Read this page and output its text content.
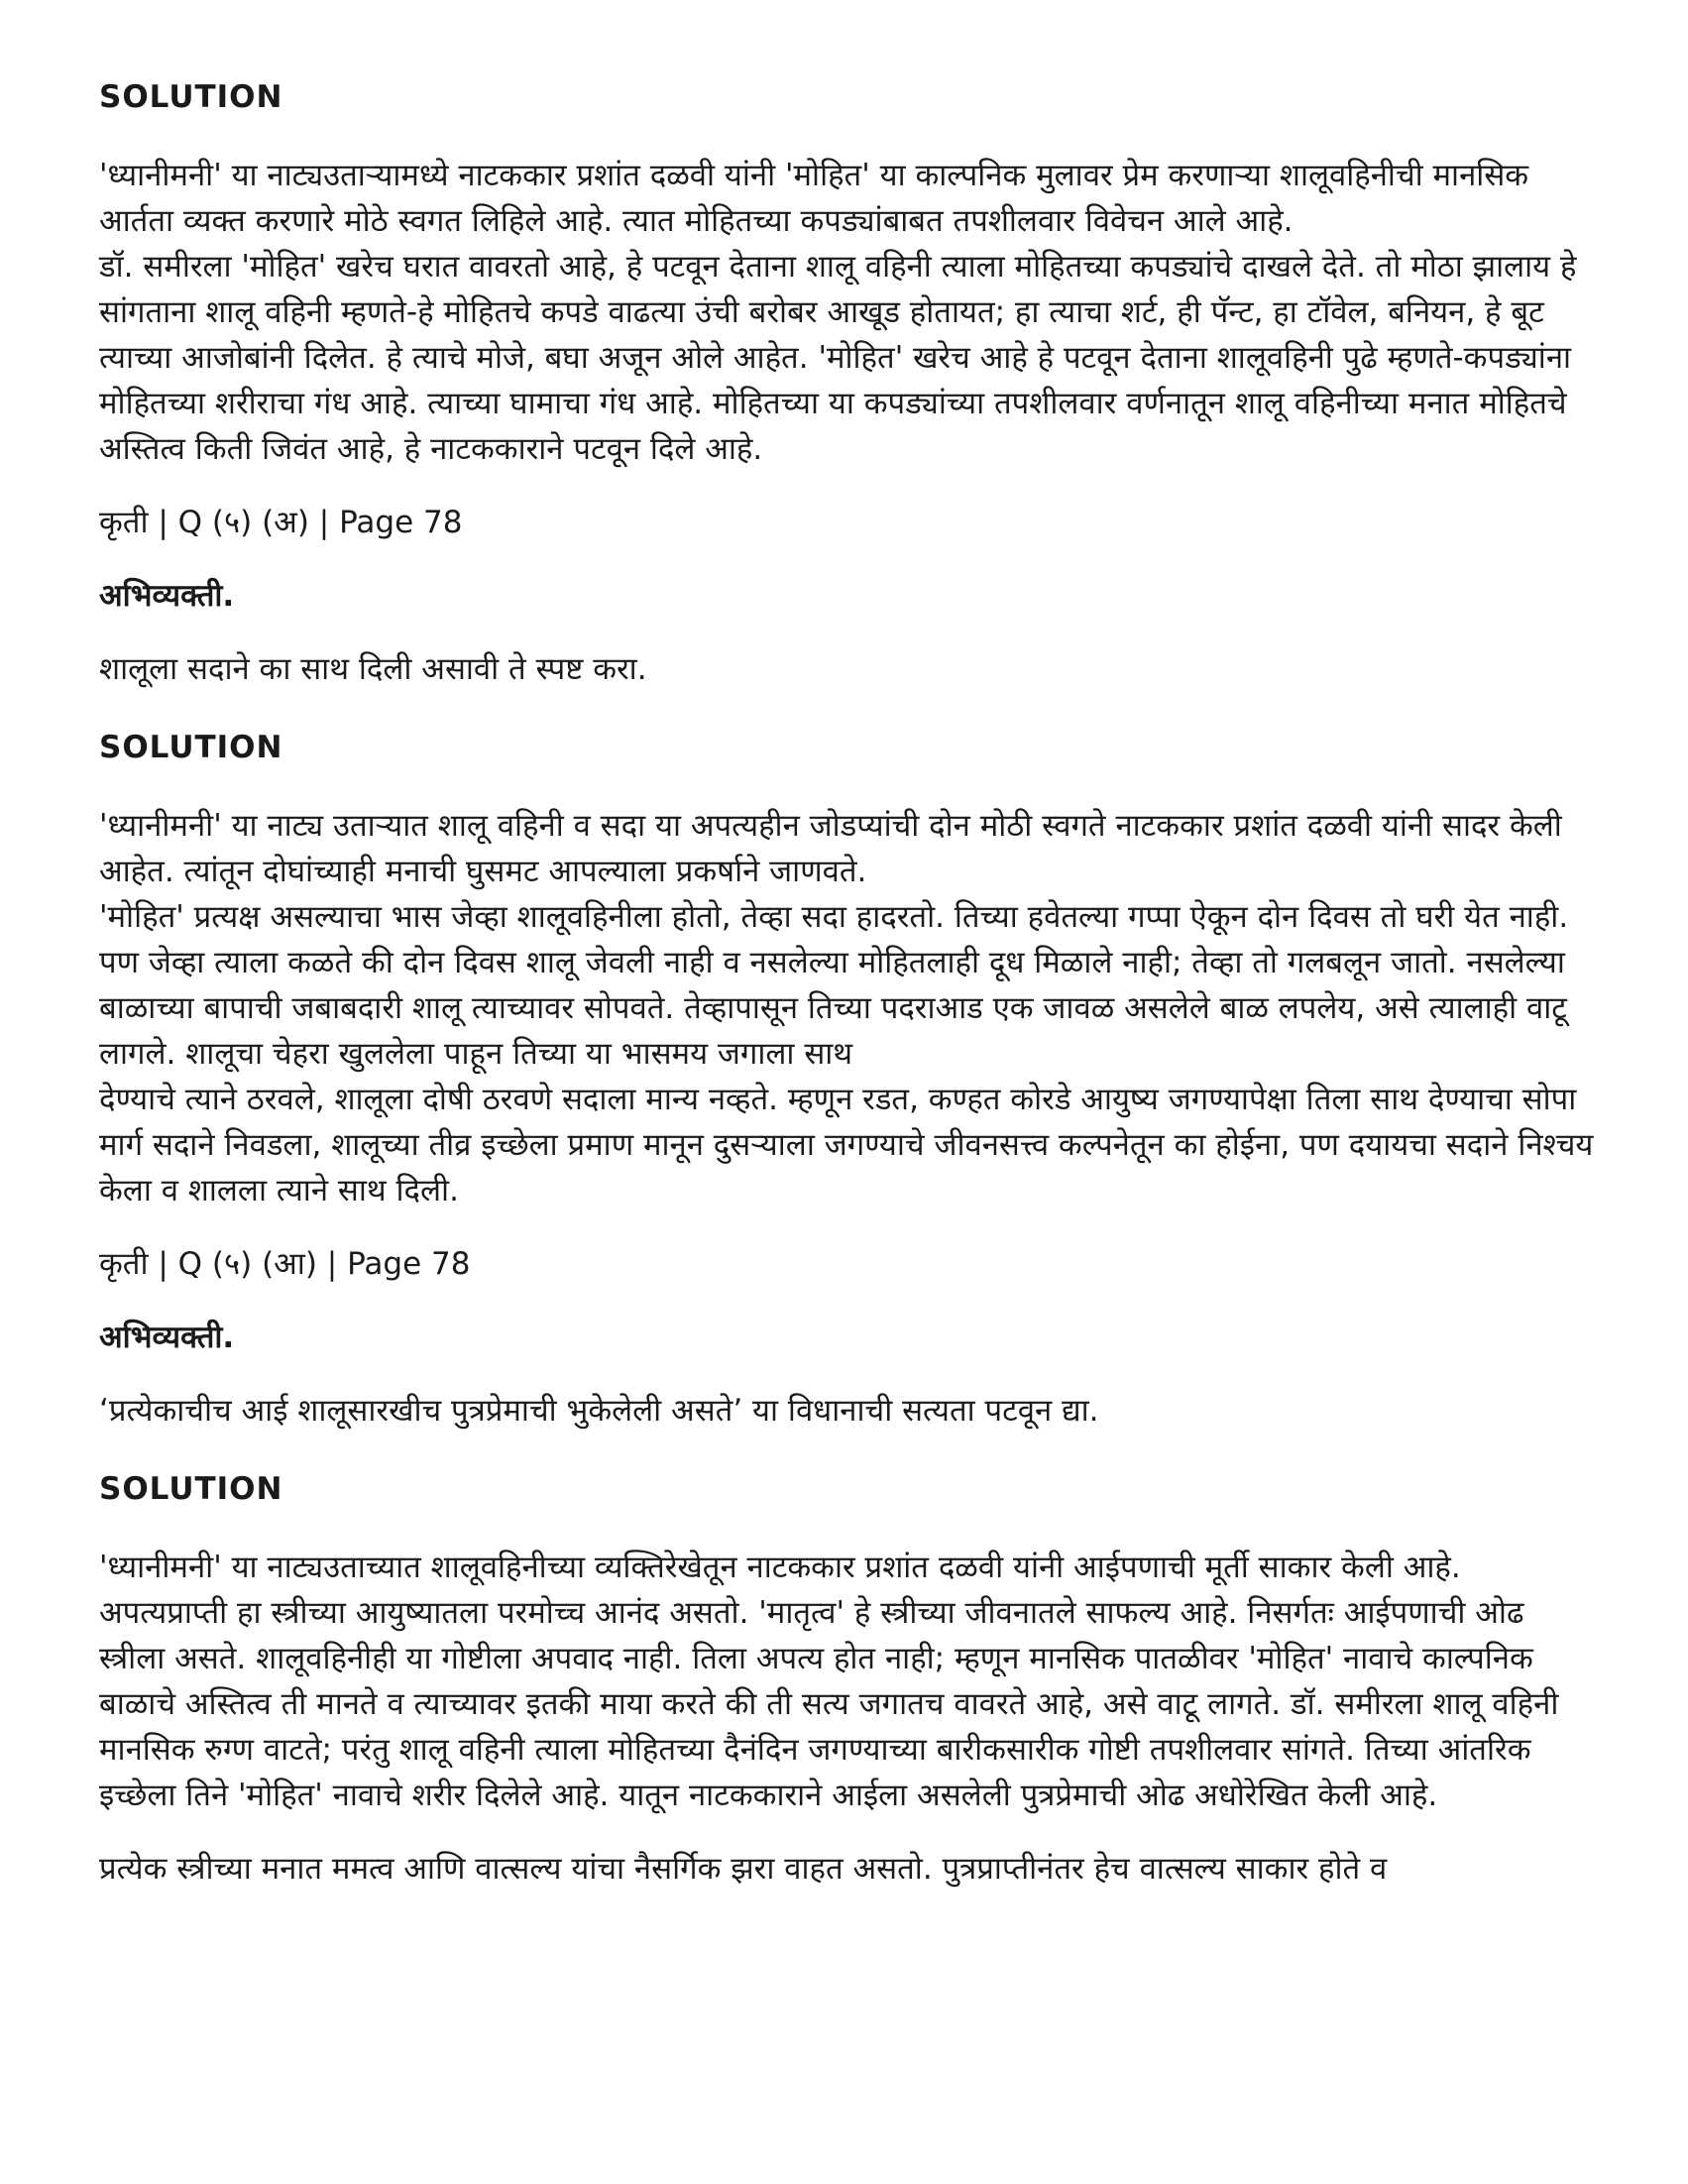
SOLUTION

'ध्यानीमनी' या नाट्यउताऱ्यामध्ये नाटककार प्रशांत दळवी यांनी 'मोहित' या काल्पनिक मुलावर प्रेम करणाऱ्या शालूवहिनीची मानसिक आर्तता व्यक्त करणारे मोठे स्वगत लिहिले आहे. त्यात मोहितच्या कपड्यांबाबत तपशीलवार विवेचन आले आहे.

डॉ. समीरला 'मोहित' खरेच घरात वावरतो आहे, हे पटवून देताना शालू वहिनी त्याला मोहितच्या कपड्यांचे दाखले देते. तो मोठा झालाय हे सांगताना शालू वहिनी म्हणते-हे मोहितचे कपडे वाढत्या उंची बरोबर आखूड होतायत; हा त्याचा शर्ट, ही पॅन्ट, हा टॉवेल, बनियन, हे बूट त्याच्या आजोबांनी दिलेत. हे त्याचे मोजे, बघा अजून ओले आहेत. 'मोहित' खरेच आहे हे पटवून देताना शालूवहिनी पुढे म्हणते-कपड्यांना मोहितच्या शरीराचा गंध आहे. त्याच्या घामाचा गंध आहे. मोहितच्या या कपड्यांच्या तपशीलवार वर्णनातून शालू वहिनीच्या मनात मोहितचे अस्तित्व किती जिवंत आहे, हे नाटककाराने पटवून दिले आहे.

कृती | Q (५) (अ) | Page 78

अभिव्यक्ती.

शालूला सदाने का साथ दिली असावी ते स्पष्ट करा.

SOLUTION

'ध्यानीमनी' या नाट्य उताऱ्यात शालू वहिनी व सदा या अपत्यहीन जोडप्यांची दोन मोठी स्वगते नाटककार प्रशांत दळवी यांनी सादर केली आहेत. त्यांतून दोघांच्याही मनाची घुसमट आपल्याला प्रकर्षाने जाणवते.

'मोहित' प्रत्यक्ष असल्याचा भास जेव्हा शालूवहिनीला होतो, तेव्हा सदा हादरतो. तिच्या हवेतल्या गप्पा ऐकून दोन दिवस तो घरी येत नाही. पण जेव्हा त्याला कळते की दोन दिवस शालू जेवली नाही व नसलेल्या मोहितलाही दूध मिळाले नाही; तेव्हा तो गलबलून जातो. नसलेल्या बाळाच्या बापाची जबाबदारी शालू त्याच्यावर सोपवते. तेव्हापासून तिच्या पदराआड एक जावळ असलेले बाळ लपलेय, असे त्यालाही वाटू लागले. शालूचा चेहरा खुललेला पाहून तिच्या या भासमय जगाला साथ

देण्याचे त्याने ठरवले, शालूला दोषी ठरवणे सदाला मान्य नव्हते. म्हणून रडत, कण्हत कोरडे आयुष्य जगण्यापेक्षा तिला साथ देण्याचा सोपा मार्ग सदाने निवडला, शालूच्या तीव्र इच्छेला प्रमाण मानून दुसऱ्याला जगण्याचे जीवनसत्त्व कल्पनेतून का होईना, पण दयायचा सदाने निश्चय केला व शालला त्याने साथ दिली.

कृती | Q (५) (आ) | Page 78

अभिव्यक्ती.

‘प्रत्येकाचीच आई शालूसारखीच पुत्रप्रेमाची भुकेलेली असते’ या विधानाची सत्यता पटवून द्या.

SOLUTION

'ध्यानीमनी' या नाट्यउताच्यात शालूवहिनीच्या व्यक्तिरेखेतून नाटककार प्रशांत दळवी यांनी आईपणाची मूर्ती साकार केली आहे. अपत्यप्राप्ती हा स्त्रीच्या आयुष्यातला परमोच्च आनंद असतो. 'मातृत्व' हे स्त्रीच्या जीवनातले साफल्य आहे. निसर्गतः आईपणाची ओढ स्त्रीला असते. शालूवहिनीही या गोष्टीला अपवाद नाही. तिला अपत्य होत नाही; म्हणून मानसिक पातळीवर 'मोहित' नावाचे काल्पनिक बाळाचे अस्तित्व ती मानते व त्याच्यावर इतकी माया करते की ती सत्य जगातच वावरते आहे, असे वाटू लागते. डॉ. समीरला शालू वहिनी मानसिक रुग्ण वाटते; परंतु शालू वहिनी त्याला मोहितच्या दैनंदिन जगण्याच्या बारीकसारीक गोष्टी तपशीलवार सांगते. तिच्या आंतरिक इच्छेला तिने 'मोहित' नावाचे शरीर दिलेले आहे. यातून नाटककाराने आईला असलेली पुत्रप्रेमाची ओढ अधोरेखित केली आहे.

प्रत्येक स्त्रीच्या मनात ममत्व आणि वात्सल्य यांचा नैसर्गिक झरा वाहत असतो. पुत्रप्राप्तीनंतर हेच वात्सल्य साकार होते व
